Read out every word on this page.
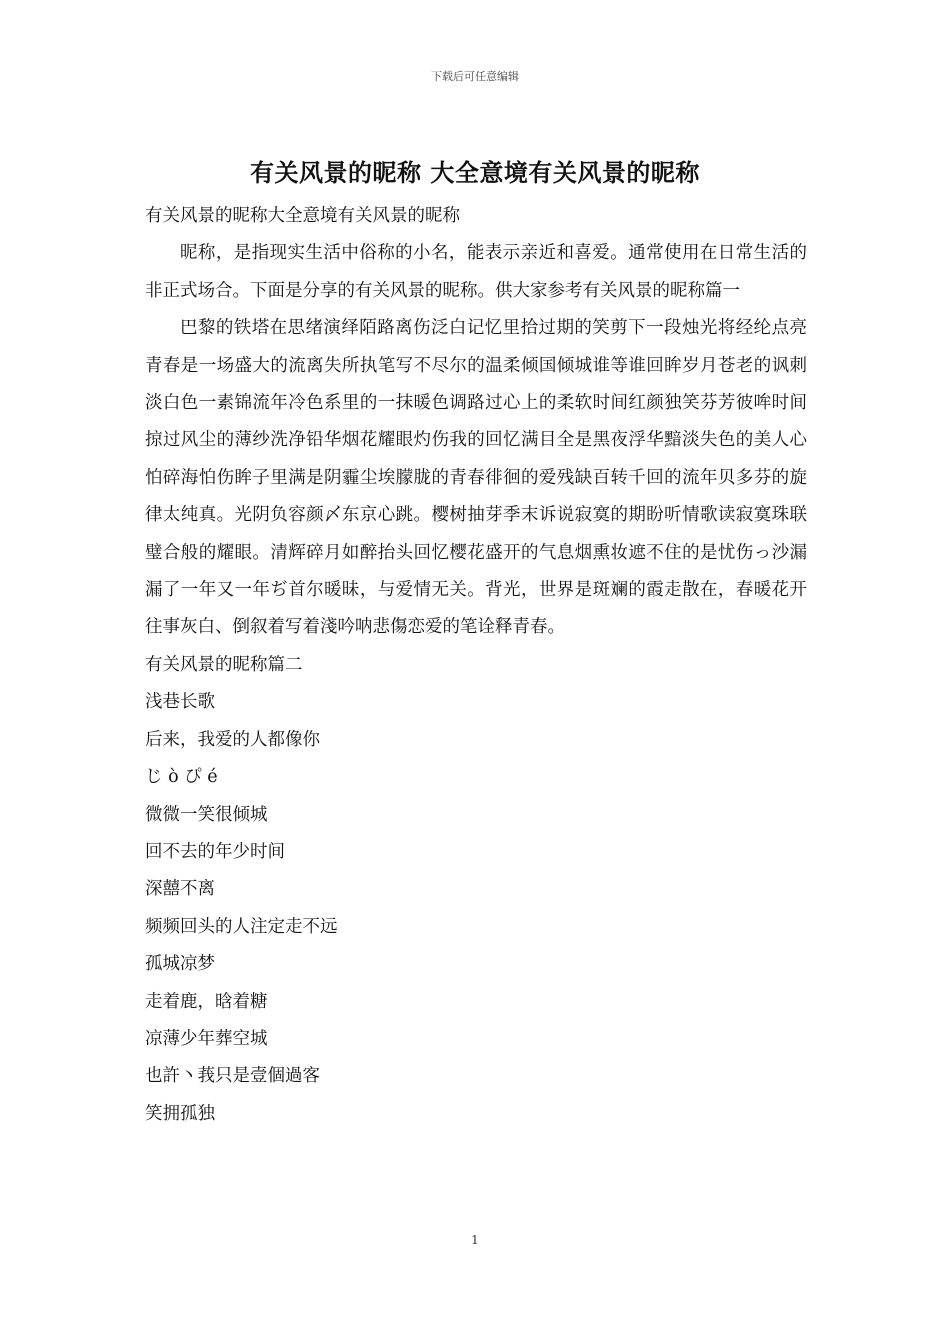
下载后可任意编辑
有关风景的昵称 大全意境有关风景的昵称

有关风景的昵称大全意境有关风景的昵称

昵称，是指现实生活中俗称的小名，能表示亲近和喜爱。通常使用在日常生活的非正式场合。下面是分享的有关风景的昵称。供大家参考有关风景的昵称篇一

巴黎的铁塔在思绪演绎陌路离伤泛白记忆里拾过期的笑剪下一段烛光将经纶点亮青春是一场盛大的流离失所执笔写不尽尔的温柔倾国倾城谁等谁回眸岁月苍老的讽刺淡白色一素锦流年冷色系里的一抹暖色调路过心上的柔软时间红颜独笑芬芳彼哞时间掠过风尘的薄纱洗净铅华烟花耀眼灼伤我的回忆满目全是黑夜浮华黯淡失色的美人心怕碎海怕伤眸子里满是阴霾尘埃朦胧的青春徘徊的爱残缺百转千回的流年贝多芬的旋律太纯真。光阴负容颜〆东京心跳。樱树抽芽季末诉说寂寞的期盼听情歌读寂寞珠联璧合般的耀眼。清辉碎月如醉抬头回忆樱花盛开的气息烟熏妆遮不住的是忧伤っ沙漏漏了一年又一年ぢ首尔暖昧，与爱情无关。背光，世界是斑斓的霞走散在，春暖花开往事灰白、倒叙着写着淺吟呐悲傷恋爱的笔诠释青春。

有关风景的昵称篇二

浅巷长歌

后来，我爱的人都像你

じ ò ぴ é

微微一笑很倾城

回不去的年少时间

深囍不离

频频回头的人注定走不远

孤城凉梦

走着鹿，晗着糖

凉薄少年葬空城

也許丶莪只是壹個過客

笑拥孤独

1
